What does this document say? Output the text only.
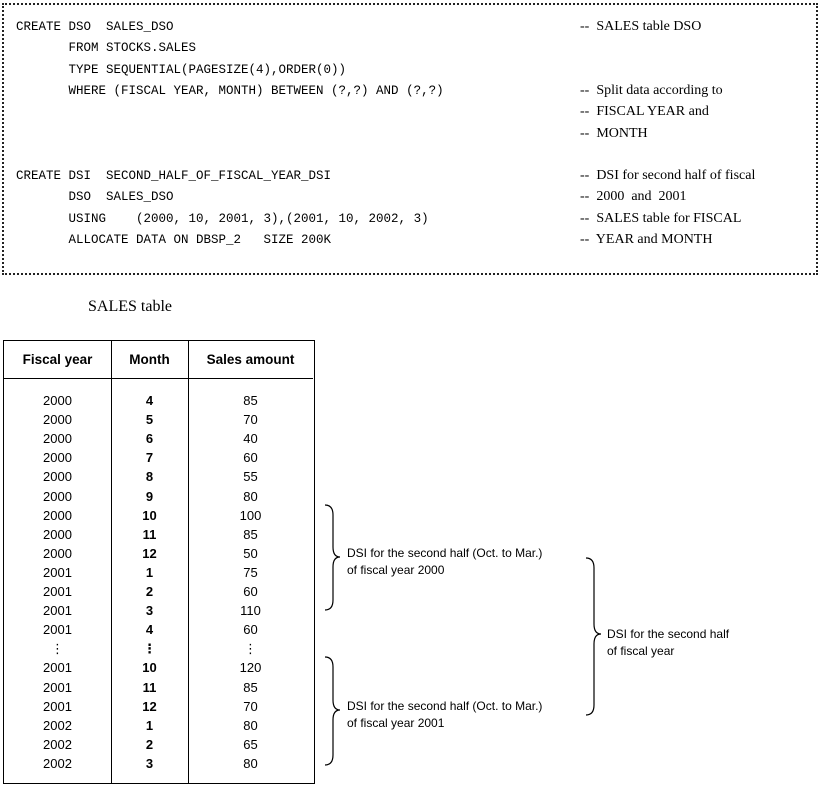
CREATE DSO  SALES_DSO	--  SALES table DSO
FROM STOCKS.SALES
TYPE SEQUENTIAL(PAGESIZE(4),ORDER(0))
WHERE (FISCAL YEAR, MONTH) BETWEEN (?,?) AND (?,?)	--  Split data according to
--  FISCAL YEAR and
--  MONTH
CREATE DSI  SECOND_HALF_OF_FISCAL_YEAR_DSI	--  DSI for second half of fiscal
DSO  SALES_DSO	--  2000  and  2001
USING    (2000, 10, 2001, 3),(2001, 10, 2002, 3)	--  SALES table for FISCAL
ALLOCATE DATA ON DBSP_2   SIZE 200K	--  YEAR and MONTH
SALES table
Fiscal year	Month	Sales amount
2000	4	85
2000	5	70
2000	6	40
2000	7	60
2000	8	55
2000	9	80
2000	10	100
2000	11	85
2000	12	50
2001	1	75
2001	2	60
2001	3	110
2001	4	60
⋮	⋮	⋮
2001	10	120
2001	11	85
2001	12	70
2002	1	80
2002	2	65
2002	3	80
DSI for the second half (Oct. to Mar.)
of fiscal year 2000
DSI for the second half (Oct. to Mar.)
of fiscal year 2001
DSI for the second half
of fiscal year
